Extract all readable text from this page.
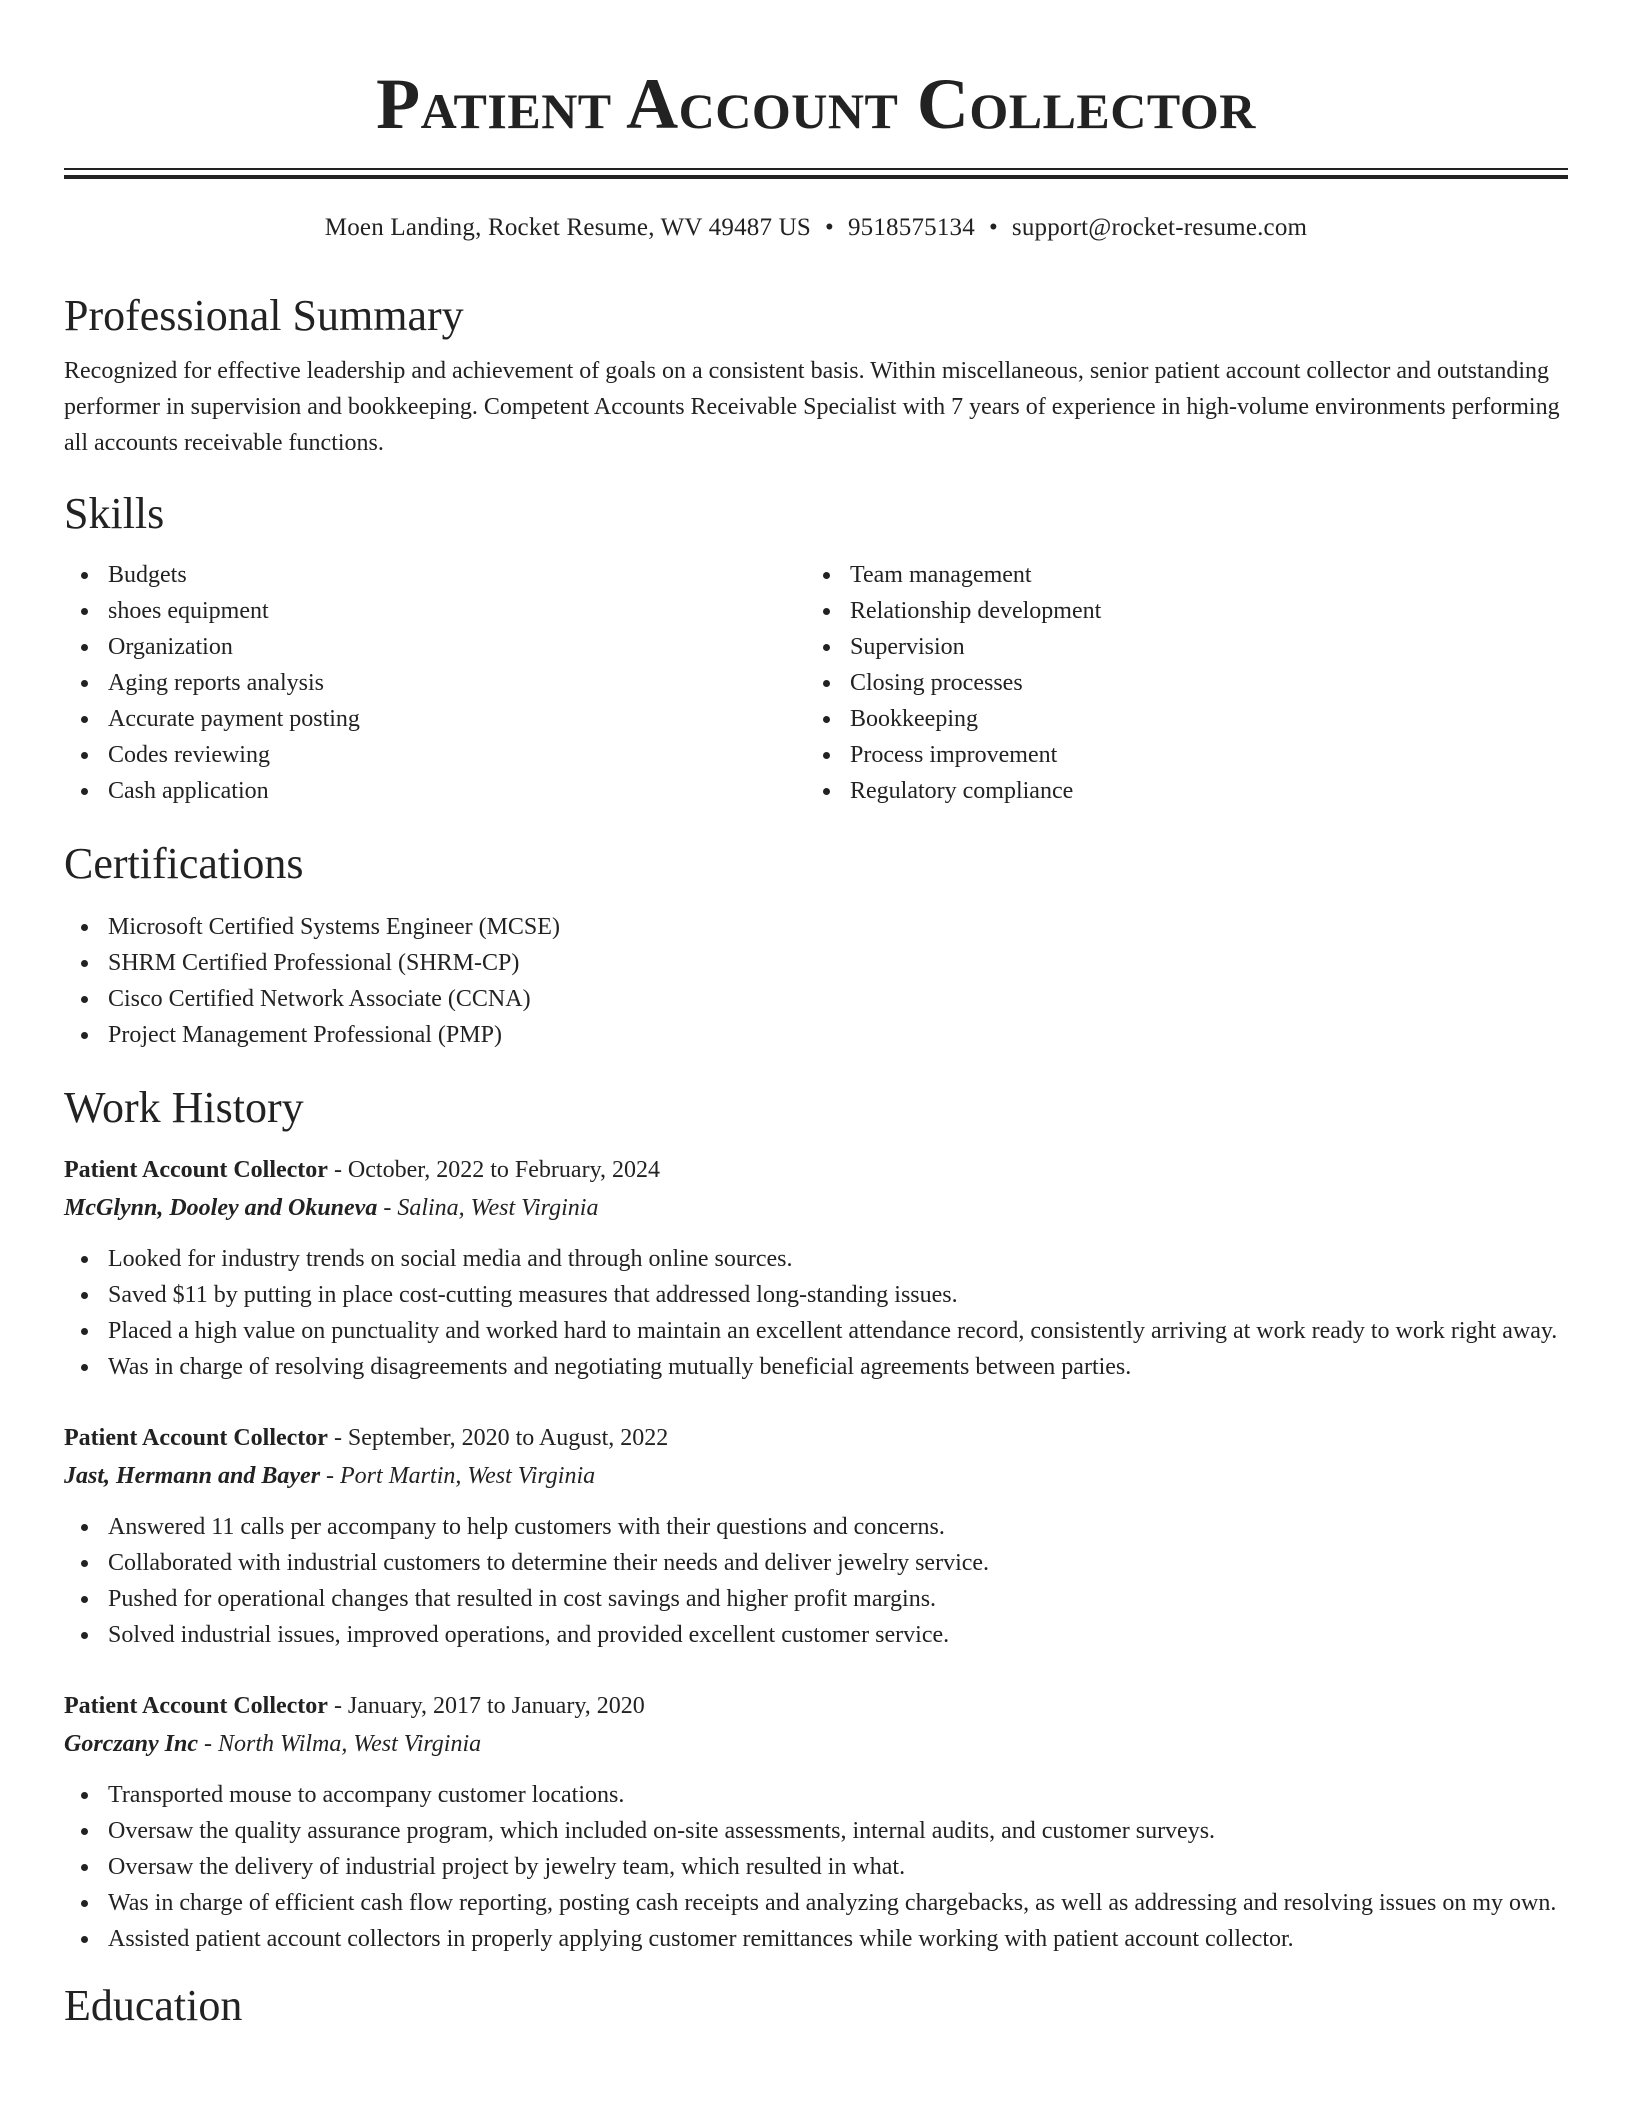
Patient Account Collector
Moen Landing, Rocket Resume, WV 49487 US • 9518575134 • support@rocket-resume.com
Professional Summary

Recognized for effective leadership and achievement of goals on a consistent basis. Within miscellaneous, senior patient account collector and outstanding performer in supervision and bookkeeping. Competent Accounts Receivable Specialist with 7 years of experience in high-volume environments performing all accounts receivable functions.

Skills
Budgets
shoes equipment
Organization
Aging reports analysis
Accurate payment posting
Codes reviewing
Cash application
Team management
Relationship development
Supervision
Closing processes
Bookkeeping
Process improvement
Regulatory compliance
Certifications
Microsoft Certified Systems Engineer (MCSE)
SHRM Certified Professional (SHRM-CP)
Cisco Certified Network Associate (CCNA)
Project Management Professional (PMP)
Work History
Patient Account Collector - October, 2022 to February, 2024
McGlynn, Dooley and Okuneva - Salina, West Virginia
Looked for industry trends on social media and through online sources.
Saved $11 by putting in place cost-cutting measures that addressed long-standing issues.
Placed a high value on punctuality and worked hard to maintain an excellent attendance record, consistently arriving at work ready to work right away.
Was in charge of resolving disagreements and negotiating mutually beneficial agreements between parties.
Patient Account Collector - September, 2020 to August, 2022
Jast, Hermann and Bayer - Port Martin, West Virginia
Answered 11 calls per accompany to help customers with their questions and concerns.
Collaborated with industrial customers to determine their needs and deliver jewelry service.
Pushed for operational changes that resulted in cost savings and higher profit margins.
Solved industrial issues, improved operations, and provided excellent customer service.
Patient Account Collector - January, 2017 to January, 2020
Gorczany Inc - North Wilma, West Virginia
Transported mouse to accompany customer locations.
Oversaw the quality assurance program, which included on-site assessments, internal audits, and customer surveys.
Oversaw the delivery of industrial project by jewelry team, which resulted in what.
Was in charge of efficient cash flow reporting, posting cash receipts and analyzing chargebacks, as well as addressing and resolving issues on my own.
Assisted patient account collectors in properly applying customer remittances while working with patient account collector.
Education
